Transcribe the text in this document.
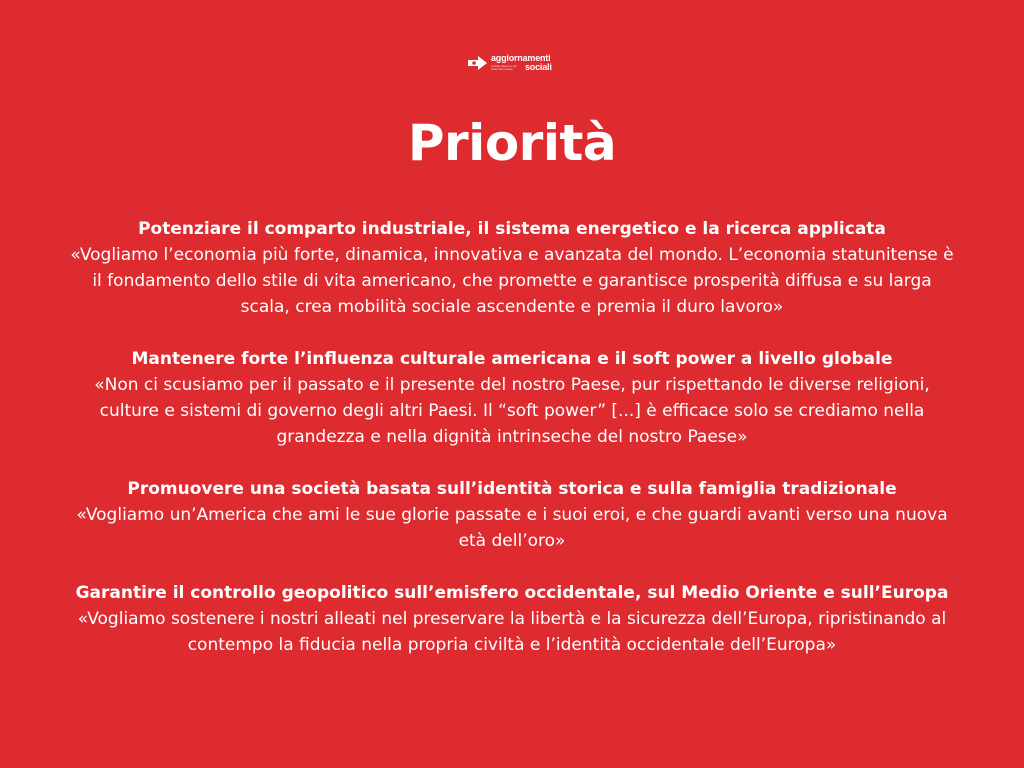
aggiornamenti
scuola, lavoro e sul resto del mondo	sociali
Priorità

Potenziare il comparto industriale, il sistema energetico e la ricerca applicata

«Vogliamo l’economia più forte, dinamica, innovativa e avanzata del mondo. L’economia statunitense è il fondamento dello stile di vita americano, che promette e garantisce prosperità diffusa e su larga scala, crea mobilità sociale ascendente e premia il duro lavoro»

Mantenere forte l’influenza culturale americana e il soft power a livello globale

«Non ci scusiamo per il passato e il presente del nostro Paese, pur rispettando le diverse religioni, culture e sistemi di governo degli altri Paesi. Il “soft power” [...] è efficace solo se crediamo nella grandezza e nella dignità intrinseche del nostro Paese»

Promuovere una società basata sull’identità storica e sulla famiglia tradizionale

«Vogliamo un’America che ami le sue glorie passate e i suoi eroi, e che guardi avanti verso una nuova età dell’oro»

Garantire il controllo geopolitico sull’emisfero occidentale, sul Medio Oriente e sull’Europa

«Vogliamo sostenere i nostri alleati nel preservare la libertà e la sicurezza dell’Europa, ripristinando al contempo la fiducia nella propria civiltà e l’identità occidentale dell’Europa»
